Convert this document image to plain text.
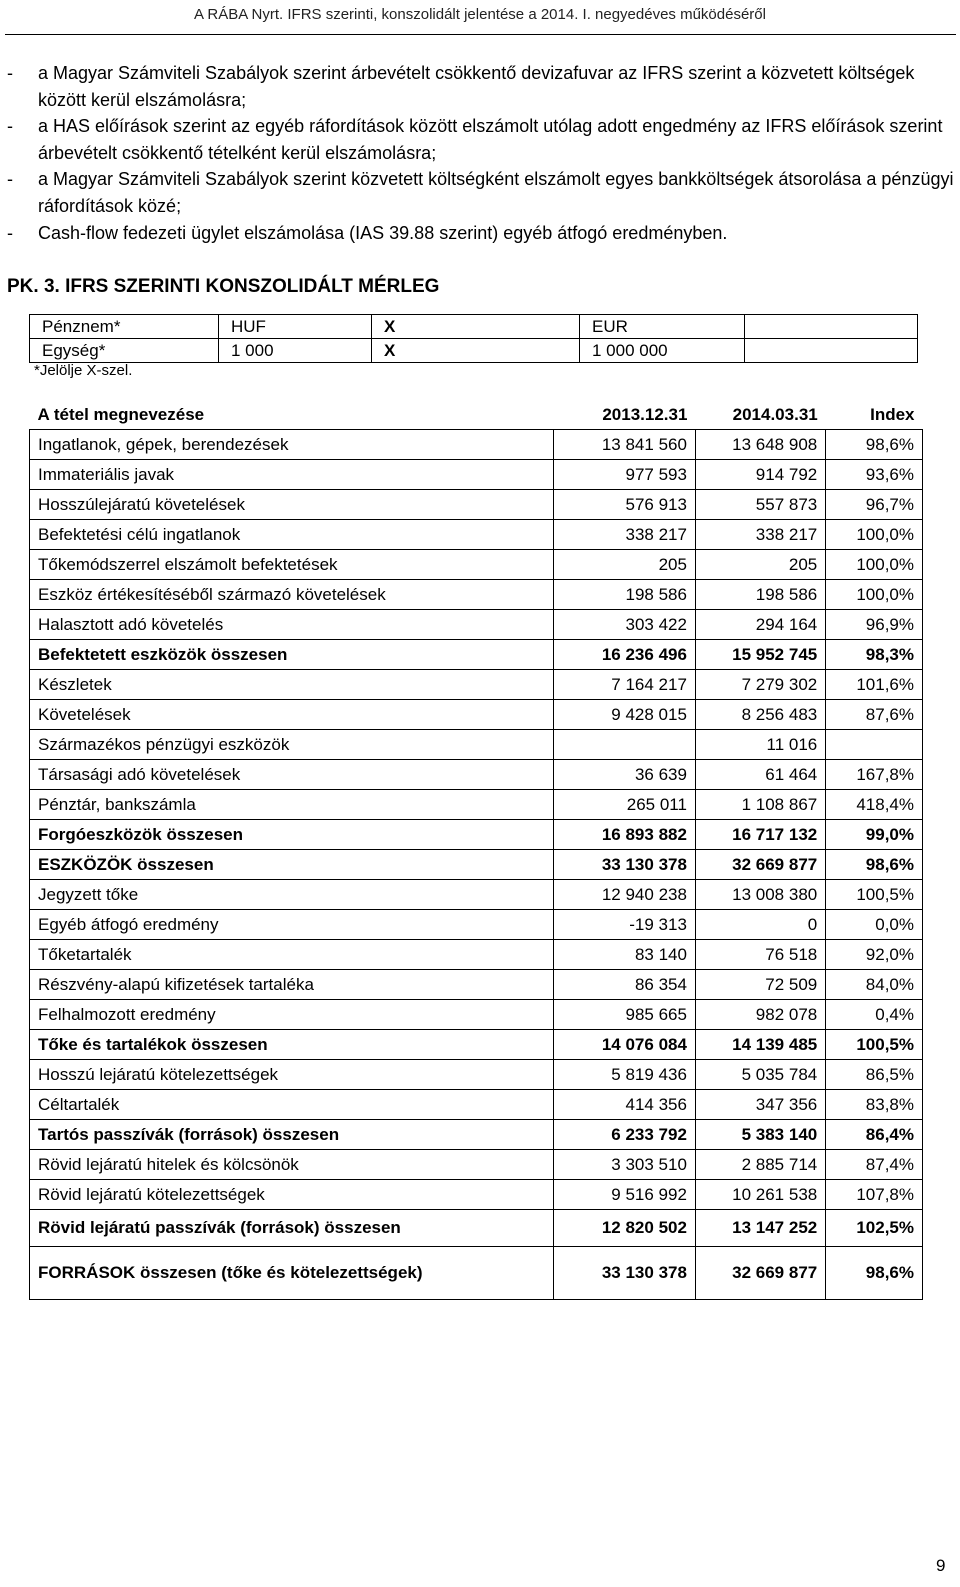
A RÁBA Nyrt. IFRS szerinti, konszolidált jelentése a 2014. I. negyedéves működéséről
- a Magyar Számviteli Szabályok szerint árbevételt csökkentő devizafuvar az IFRS szerint a közvetett költségek között kerül elszámolásra;
- a HAS előírások szerint az egyéb ráfordítások között elszámolt utólag adott engedmény az IFRS előírások szerint árbevételt csökkentő tételként kerül elszámolásra;
- a Magyar Számviteli Szabályok szerint közvetett költségként elszámolt egyes bankköltségek átsorolása a pénzügyi ráfordítások közé;
- Cash-flow fedezeti ügylet elszámolása (IAS 39.88 szerint) egyéb átfogó eredményben.
PK. 3. IFRS SZERINTI KONSZOLIDÁLT MÉRLEG
Pénznem*	HUF	X	EUR	
Egység*	1 000	X	1 000 000	
*Jelölje X-szel.
A tétel megnevezése	2013.12.31	2014.03.31	Index
Ingatlanok, gépek, berendezések	13 841 560	13 648 908	98,6%
Immateriális javak	977 593	914 792	93,6%
Hosszúlejáratú követelések	576 913	557 873	96,7%
Befektetési célú ingatlanok	338 217	338 217	100,0%
Tőkemódszerrel elszámolt befektetések	205	205	100,0%
Eszköz értékesítéséből származó követelések	198 586	198 586	100,0%
Halasztott adó követelés	303 422	294 164	96,9%
Befektetett eszközök összesen	16 236 496	15 952 745	98,3%
Készletek	7 164 217	7 279 302	101,6%
Követelések	9 428 015	8 256 483	87,6%
Származékos pénzügyi eszközök		11 016	
Társasági adó követelések	36 639	61 464	167,8%
Pénztár, bankszámla	265 011	1 108 867	418,4%
Forgóeszközök összesen	16 893 882	16 717 132	99,0%
ESZKÖZÖK összesen	33 130 378	32 669 877	98,6%
Jegyzett tőke	12 940 238	13 008 380	100,5%
Egyéb átfogó eredmény	-19 313	0	0,0%
Tőketartalék	83 140	76 518	92,0%
Részvény-alapú kifizetések tartaléka	86 354	72 509	84,0%
Felhalmozott eredmény	985 665	982 078	0,4%
Tőke és tartalékok összesen	14 076 084	14 139 485	100,5%
Hosszú lejáratú kötelezettségek	5 819 436	5 035 784	86,5%
Céltartalék	414 356	347 356	83,8%
Tartós passzívák (források) összesen	6 233 792	5 383 140	86,4%
Rövid lejáratú hitelek és kölcsönök	3 303 510	2 885 714	87,4%
Rövid lejáratú kötelezettségek	9 516 992	10 261 538	107,8%
Rövid lejáratú passzívák (források) összesen	12 820 502	13 147 252	102,5%
FORRÁSOK összesen (tőke és kötelezettségek)	33 130 378	32 669 877	98,6%
9
